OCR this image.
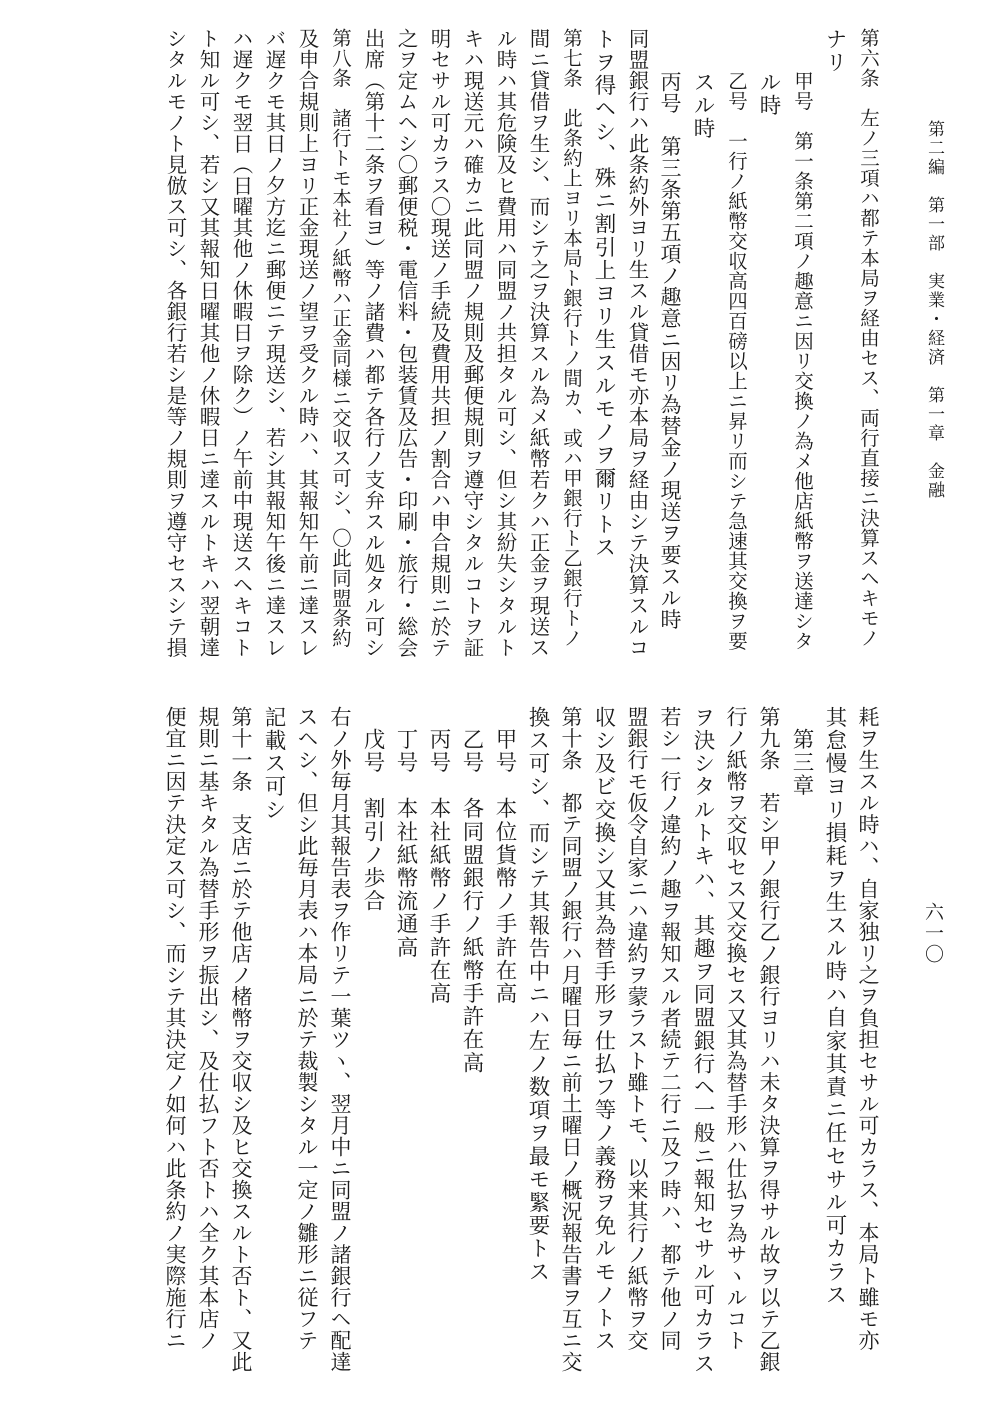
第二編　第一部　実業・経済　第一章　金融

六一〇

第六条　左ノ三項ハ都テ本局ヲ経由セス、両行直接ニ決算スヘキモノ

ナリ

甲号　第一条第二項ノ趣意ニ因リ交換ノ為メ他店紙幣ヲ送達シタ

ル時

乙号　一行ノ紙幣交収高四百磅以上ニ昇リ而シテ急速其交換ヲ要

スル時

丙号　第三条第五項ノ趣意ニ因リ為替金ノ現送ヲ要スル時

同盟銀行ハ此条約外ヨリ生スル貸借モ亦本局ヲ経由シテ決算スルコ

トヲ得ヘシ、殊ニ割引上ヨリ生スルモノヲ爾リトス

第七条　此条約上ヨリ本局ト銀行トノ間カ、或ハ甲銀行ト乙銀行トノ

間ニ貸借ヲ生シ、而シテ之ヲ決算スル為メ紙幣若クハ正金ヲ現送ス

ル時ハ其危険及ヒ費用ハ同盟ノ共担タル可シ、但シ其紛失シタルト

キハ現送元ハ確カニ此同盟ノ規則及郵便規則ヲ遵守シタルコトヲ証

明セサル可カラス〇現送ノ手続及費用共担ノ割合ハ申合規則ニ於テ

之ヲ定ムヘシ〇郵便税・電信料・包装賃及広告・印刷・旅行・総会

出席（第十二条ヲ看ヨ）等ノ諸費ハ都テ各行ノ支弁スル処タル可シ

第八条　諸行トモ本社ノ紙幣ハ正金同様ニ交収ス可シ、〇此同盟条約

及申合規則上ヨリ正金現送ノ望ヲ受クル時ハ、其報知午前ニ達スレ

バ遅クモ其日ノ夕方迄ニ郵便ニテ現送シ、若シ其報知午後ニ達スレ

ハ遅クモ翌日（日曜其他ノ休暇日ヲ除ク）ノ午前中現送スヘキコト

ト知ル可シ、若シ又其報知日曜其他ノ休暇日ニ達スルトキハ翌朝達

シタルモノト見倣ス可シ、各銀行若シ是等ノ規則ヲ遵守セスシテ損

耗ヲ生スル時ハ、自家独リ之ヲ負担セサル可カラス、本局ト雖モ亦

其怠慢ヨリ損耗ヲ生スル時ハ自家其責ニ任セサル可カラス

第三章

第九条　若シ甲ノ銀行乙ノ銀行ヨリハ未タ決算ヲ得サル故ヲ以テ乙銀

行ノ紙幣ヲ交収セス又交換セス又其為替手形ハ仕払ヲ為サヽルコト

ヲ決シタルトキハ、其趣ヲ同盟銀行ヘ一般ニ報知セサル可カラス

若シ一行ノ違約ノ趣ヲ報知スル者続テ二行ニ及フ時ハ、都テ他ノ同

盟銀行モ仮令自家ニハ違約ヲ蒙ラスト雖トモ、以来其行ノ紙幣ヲ交

収シ及ビ交換シ又其為替手形ヲ仕払フ等ノ義務ヲ免ルモノトス

第十条　都テ同盟ノ銀行ハ月曜日毎ニ前土曜日ノ概況報告書ヲ互ニ交

換ス可シ、而シテ其報告中ニハ左ノ数項ヲ最モ緊要トス

甲号　本位貨幣ノ手許在高

乙号　各同盟銀行ノ紙幣手許在高

丙号　本社紙幣ノ手許在高

丁号　本社紙幣流通高

戊号　割引ノ歩合

右ノ外毎月其報告表ヲ作リテ一葉ツヽ、翌月中ニ同盟ノ諸銀行ヘ配達

スヘシ、但シ此毎月表ハ本局ニ於テ裁製シタル一定ノ雛形ニ従フテ

記載ス可シ

第十一条　支店ニ於テ他店ノ楮幣ヲ交収シ及ヒ交換スルト否ト、又此

規則ニ基キタル為替手形ヲ振出シ、及仕払フト否トハ全ク其本店ノ

便宜ニ因テ決定ス可シ、而シテ其決定ノ如何ハ此条約ノ実際施行ニ
